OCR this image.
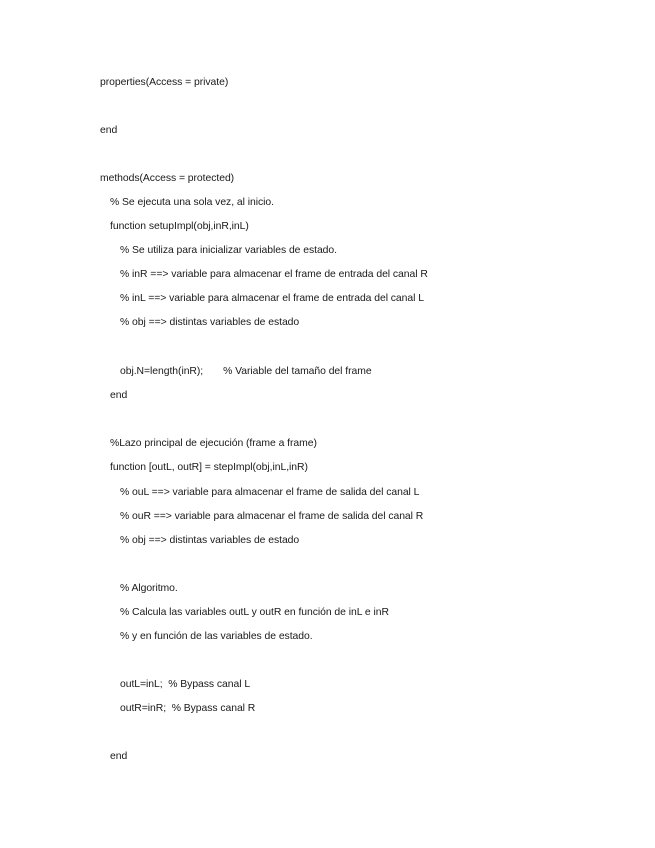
properties(Access = private)
end
methods(Access = protected)
% Se ejecuta una sola vez, al inicio.
function setupImpl(obj,inR,inL)
% Se utiliza para inicializar variables de estado.
% inR ==> variable para almacenar el frame de entrada del canal R
% inL ==> variable para almacenar el frame de entrada del canal L
% obj ==> distintas variables de estado
obj.N=length(inR); % Variable del tamaño del frame
end
%Lazo principal de ejecución (frame a frame)
function [outL, outR] = stepImpl(obj,inL,inR)
% ouL ==> variable para almacenar el frame de salida del canal L
% ouR ==> variable para almacenar el frame de salida del canal R
% obj ==> distintas variables de estado
% Algoritmo.
% Calcula las variables outL y outR en función de inL e inR
% y en función de las variables de estado.
outL=inL;  % Bypass canal L
outR=inR;  % Bypass canal R
end
